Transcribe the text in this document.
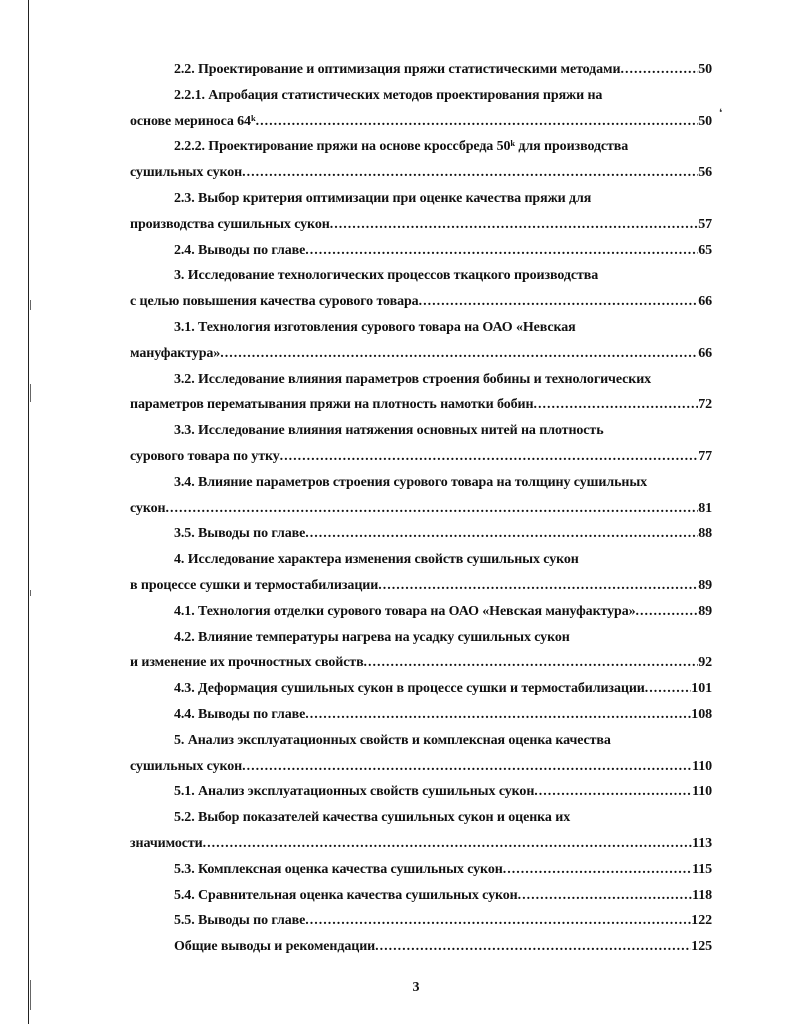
❛
2.2. Проектирование и оптимизация пряжи статистическими методами .....	50
2.2.1. Апробация статистических методов проектирования пряжи на
основе мериноса 64ᵏ .....	50
2.2.2. Проектирование пряжи на основе кроссбреда 50ᵏ для производства
сушильных сукон .....	56
2.3. Выбор критерия оптимизации при оценке качества пряжи для
производства сушильных сукон .....	57
2.4. Выводы по главе .....	65
3. Исследование технологических процессов ткацкого производства
с целью повышения качества сурового товара .....	66
3.1. Технология изготовления сурового товара на ОАО «Невская
мануфактура» .....	66
3.2. Исследование влияния параметров строения бобины и технологических
параметров перематывания пряжи на плотность намотки бобин .....	72
3.3. Исследование влияния натяжения основных нитей на плотность
сурового товара по утку .....	77
3.4. Влияние параметров строения сурового товара на толщину сушильных
сукон .....	81
3.5. Выводы по главе .....	88
4. Исследование характера изменения свойств сушильных сукон
в процессе сушки и термостабилизации .....	89
4.1. Технология отделки сурового товара на ОАО «Невская мануфактура» .....	89
4.2. Влияние температуры нагрева на усадку сушильных сукон
и изменение их прочностных свойств .....	92
4.3. Деформация сушильных сукон в процессе сушки и термостабилизации .....	101
4.4. Выводы по главе .....	108
5. Анализ эксплуатационных свойств и комплексная оценка качества
сушильных сукон .....	110
5.1. Анализ эксплуатационных свойств сушильных сукон .....	110
5.2. Выбор показателей качества сушильных сукон и оценка их
значимости .....	113
5.3. Комплексная оценка качества сушильных сукон .....	115
5.4. Сравнительная оценка качества сушильных сукон .....	118
5.5. Выводы по главе .....	122
Общие выводы и рекомендации .....	125
3
